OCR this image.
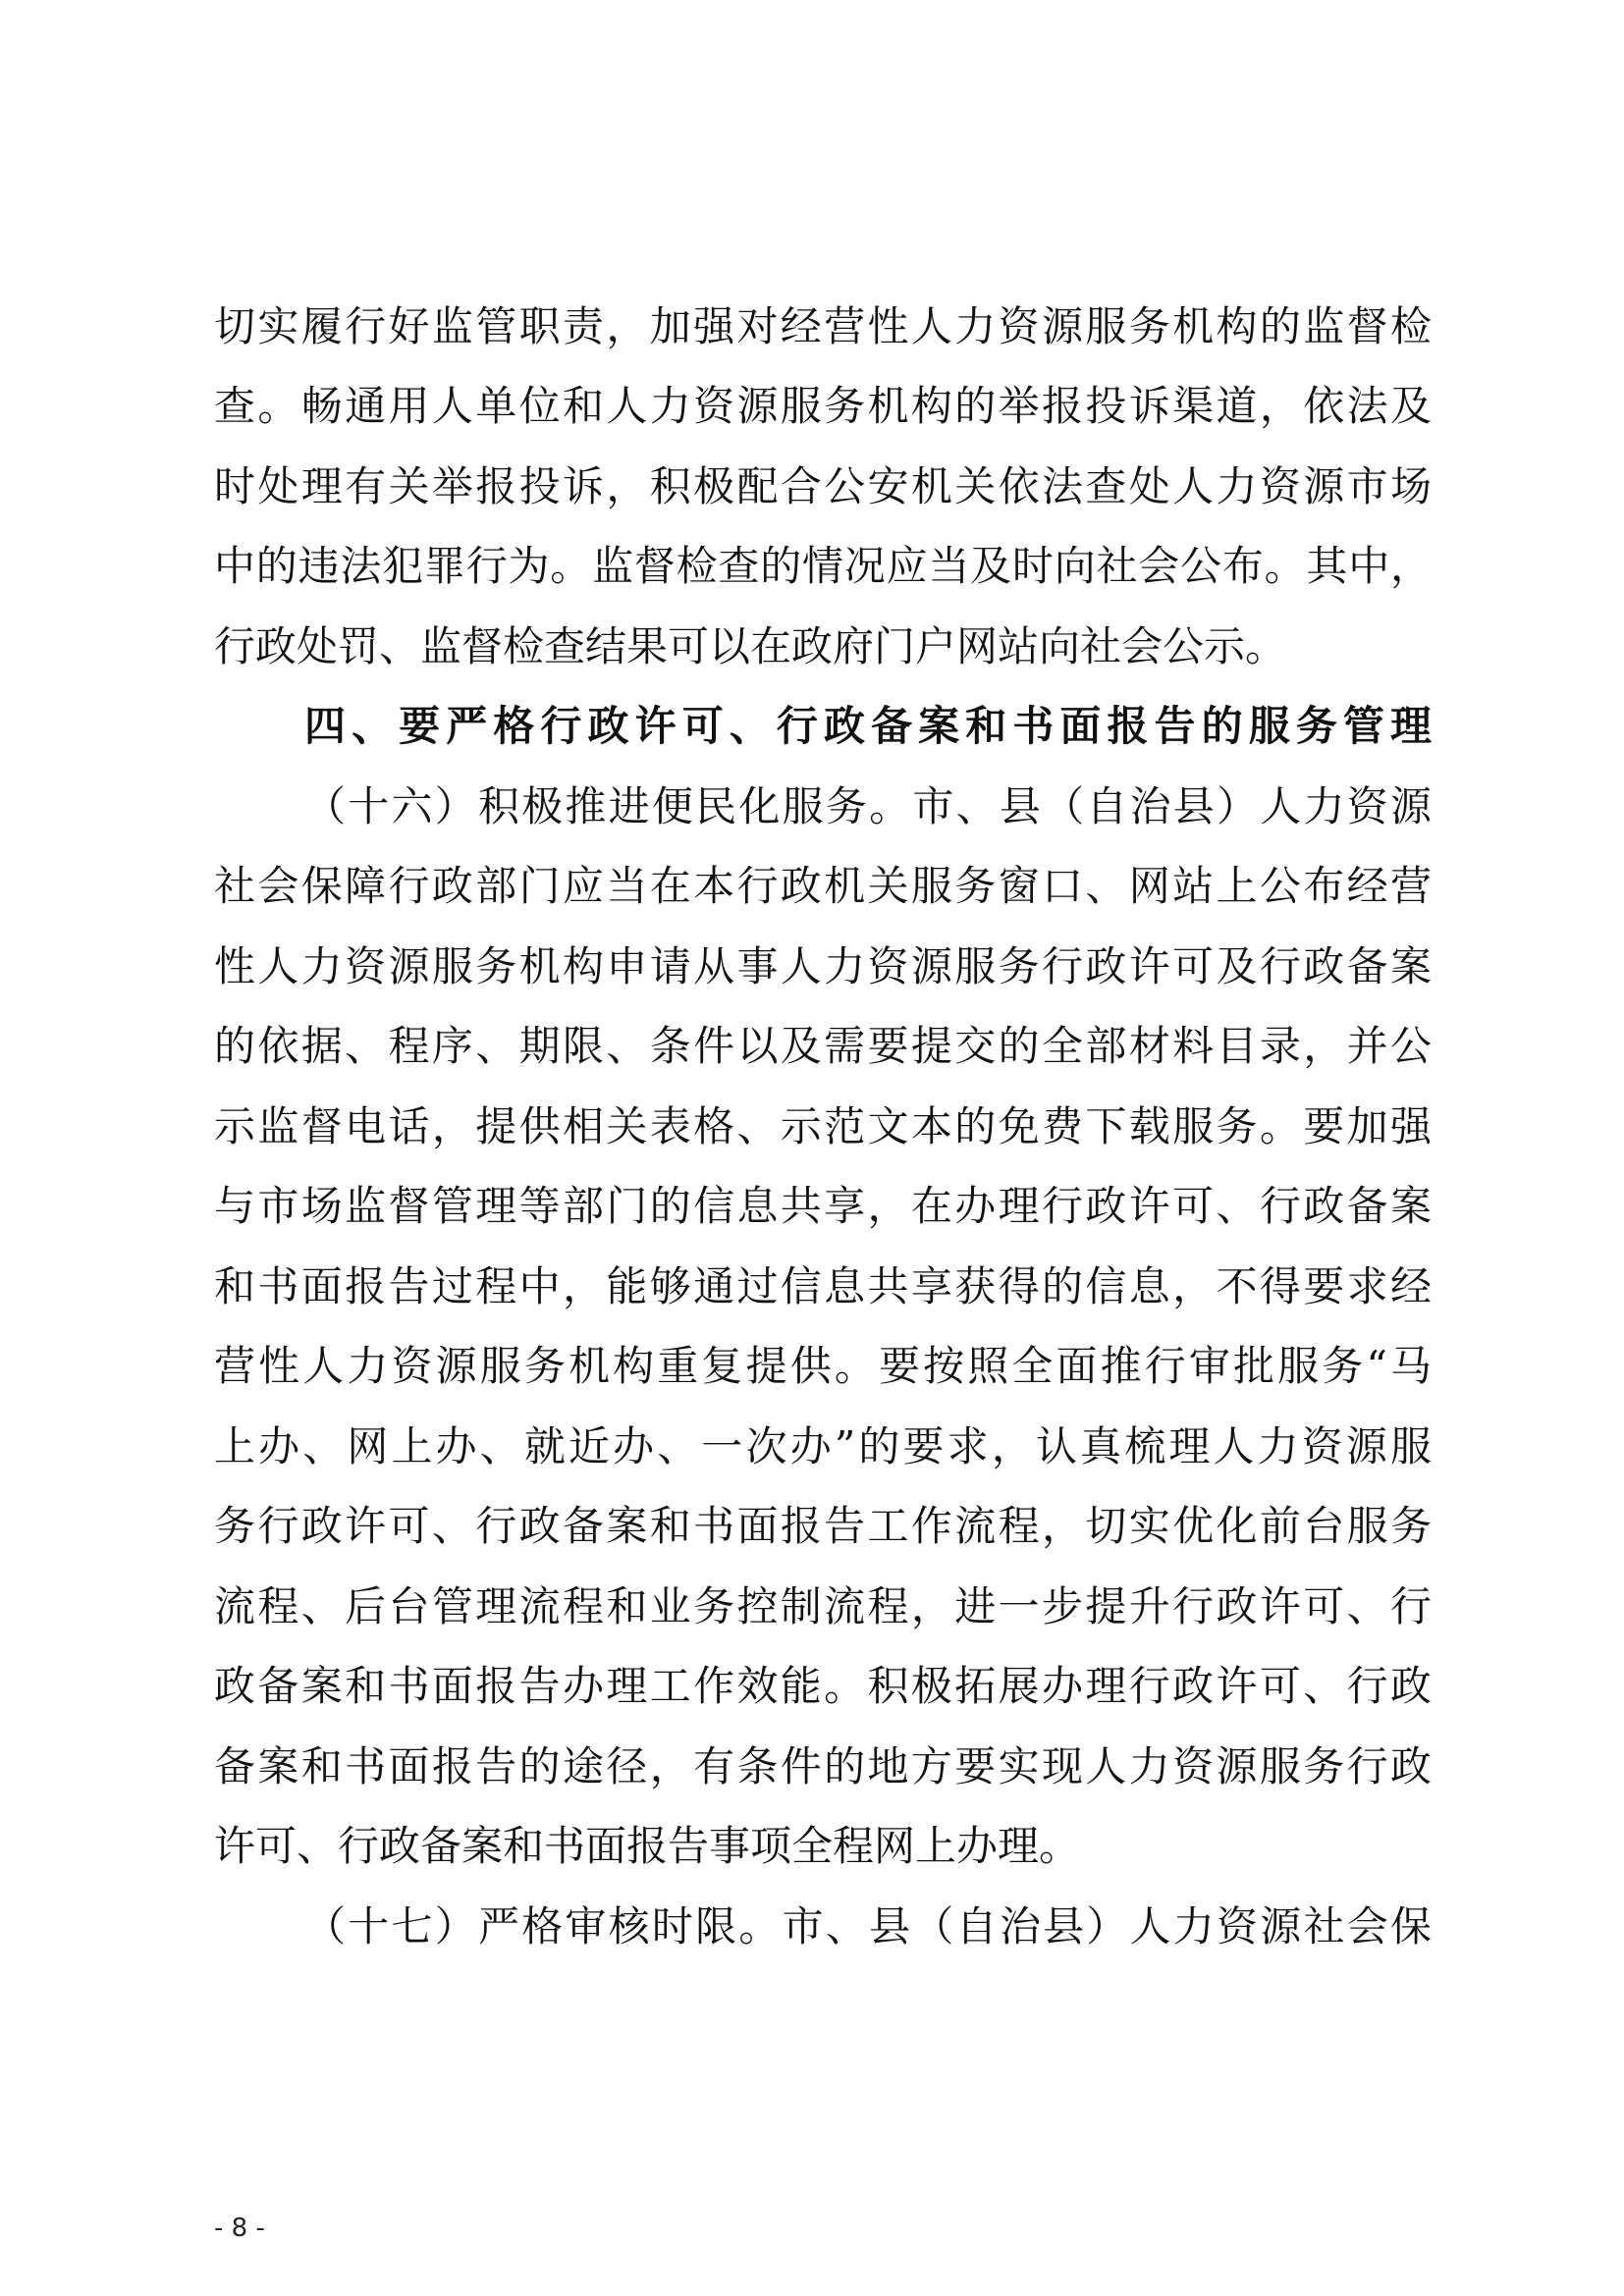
切实履行好监管职责，加强对经营性人力资源服务机构的监督检
查。畅通用人单位和人力资源服务机构的举报投诉渠道，依法及
时处理有关举报投诉，积极配合公安机关依法查处人力资源市场
中的违法犯罪行为。监督检查的情况应当及时向社会公布。其中，
行政处罚、监督检查结果可以在政府门户网站向社会公示。
四、要严格行政许可、行政备案和书面报告的服务管理
（十六）积极推进便民化服务。市、县（自治县）人力资源
社会保障行政部门应当在本行政机关服务窗口、网站上公布经营
性人力资源服务机构申请从事人力资源服务行政许可及行政备案
的依据、程序、期限、条件以及需要提交的全部材料目录，并公
示监督电话，提供相关表格、示范文本的免费下载服务。要加强
与市场监督管理等部门的信息共享，在办理行政许可、行政备案
和书面报告过程中，能够通过信息共享获得的信息，不得要求经
营性人力资源服务机构重复提供。要按照全面推行审批服务“马
上办、网上办、就近办、一次办”的要求，认真梳理人力资源服
务行政许可、行政备案和书面报告工作流程，切实优化前台服务
流程、后台管理流程和业务控制流程，进一步提升行政许可、行
政备案和书面报告办理工作效能。积极拓展办理行政许可、行政
备案和书面报告的途径，有条件的地方要实现人力资源服务行政
许可、行政备案和书面报告事项全程网上办理。
（十七）严格审核时限。市、县（自治县）人力资源社会保
- 8 -
